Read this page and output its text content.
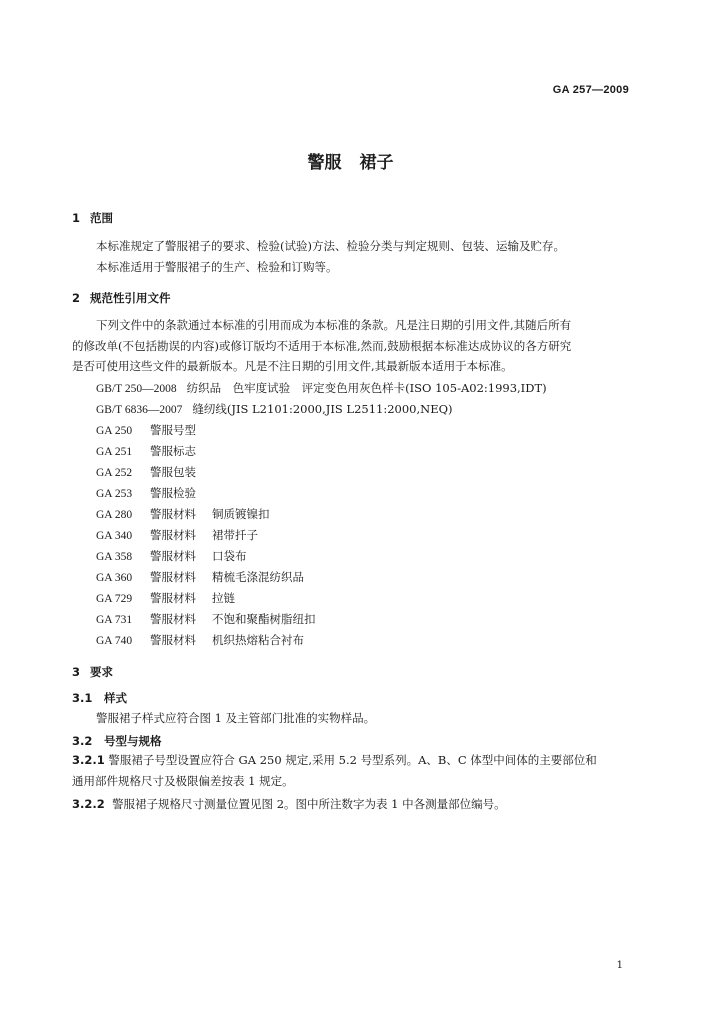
GA 257—2009
警服 裙子
1 范围
本标准规定了警服裙子的要求、检验(试验)方法、检验分类与判定规则、包装、运输及贮存。
本标准适用于警服裙子的生产、检验和订购等。
2 规范性引用文件
下列文件中的条款通过本标准的引用而成为本标准的条款。凡是注日期的引用文件,其随后所有
的修改单(不包括勘误的内容)或修订版均不适用于本标准,然而,鼓励根据本标准达成协议的各方研究
是否可使用这些文件的最新版本。凡是不注日期的引用文件,其最新版本适用于本标准。
GB/T 250—2008 纺织品　色牢度试验　评定变色用灰色样卡(ISO 105-A02:1993,IDT)
GB/T 6836—2007 缝纫线(JIS L2101:2000,JIS L2511:2000,NEQ)
GA 250 警服号型
GA 251 警服标志
GA 252 警服包装
GA 253 警服检验
GA 280 警服材料 铜质镀镍扣
GA 340 警服材料 裙带扦子
GA 358 警服材料 口袋布
GA 360 警服材料 精梳毛涤混纺织品
GA 729 警服材料 拉链
GA 731 警服材料 不饱和聚酯树脂纽扣
GA 740 警服材料 机织热熔粘合衬布
3 要求
3.1 样式
警服裙子样式应符合图 1 及主管部门批准的实物样品。
3.2 号型与规格
3.2.1 警服裙子号型设置应符合 GA 250 规定,采用 5.2 号型系列。A、B、C 体型中间体的主要部位和
通用部件规格尺寸及极限偏差按表 1 规定。
3.2.2 警服裙子规格尺寸测量位置见图 2。图中所注数字为表 1 中各测量部位编号。
1
